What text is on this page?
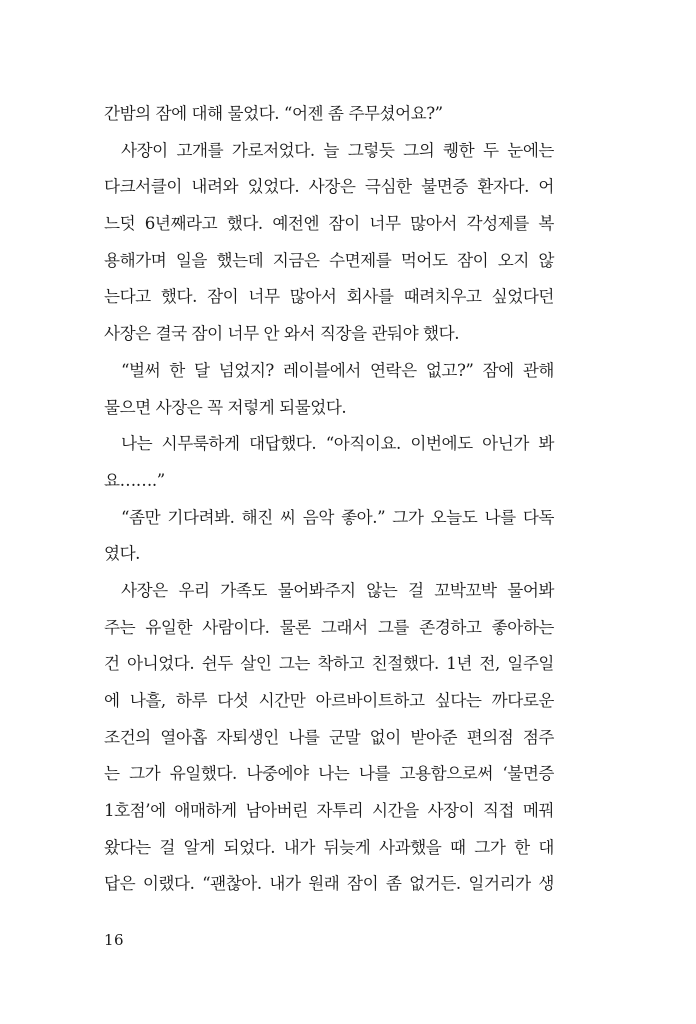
간밤의 잠에 대해 물었다. “어젠 좀 주무셨어요?”
사장이 고개를 가로저었다. 늘 그렇듯 그의 퀭한 두 눈에는
다크서클이 내려와 있었다. 사장은 극심한 불면증 환자다. 어
느덧 6년째라고 했다. 예전엔 잠이 너무 많아서 각성제를 복
용해가며 일을 했는데 지금은 수면제를 먹어도 잠이 오지 않
는다고 했다. 잠이 너무 많아서 회사를 때려치우고 싶었다던
사장은 결국 잠이 너무 안 와서 직장을 관둬야 했다.
“벌써 한 달 넘었지? 레이블에서 연락은 없고?” 잠에 관해
물으면 사장은 꼭 저렇게 되물었다.
나는 시무룩하게 대답했다. “아직이요. 이번에도 아닌가 봐
요…….”
“좀만 기다려봐. 해진 씨 음악 좋아.” 그가 오늘도 나를 다독
였다.
사장은 우리 가족도 물어봐주지 않는 걸 꼬박꼬박 물어봐
주는 유일한 사람이다. 물론 그래서 그를 존경하고 좋아하는
건 아니었다. 쉰두 살인 그는 착하고 친절했다. 1년 전, 일주일
에 나흘, 하루 다섯 시간만 아르바이트하고 싶다는 까다로운
조건의 열아홉 자퇴생인 나를 군말 없이 받아준 편의점 점주
는 그가 유일했다. 나중에야 나는 나를 고용함으로써 ‘불면증
1호점’에 애매하게 남아버린 자투리 시간을 사장이 직접 메꿔
왔다는 걸 알게 되었다. 내가 뒤늦게 사과했을 때 그가 한 대
답은 이랬다. “괜찮아. 내가 원래 잠이 좀 없거든. 일거리가 생
16
